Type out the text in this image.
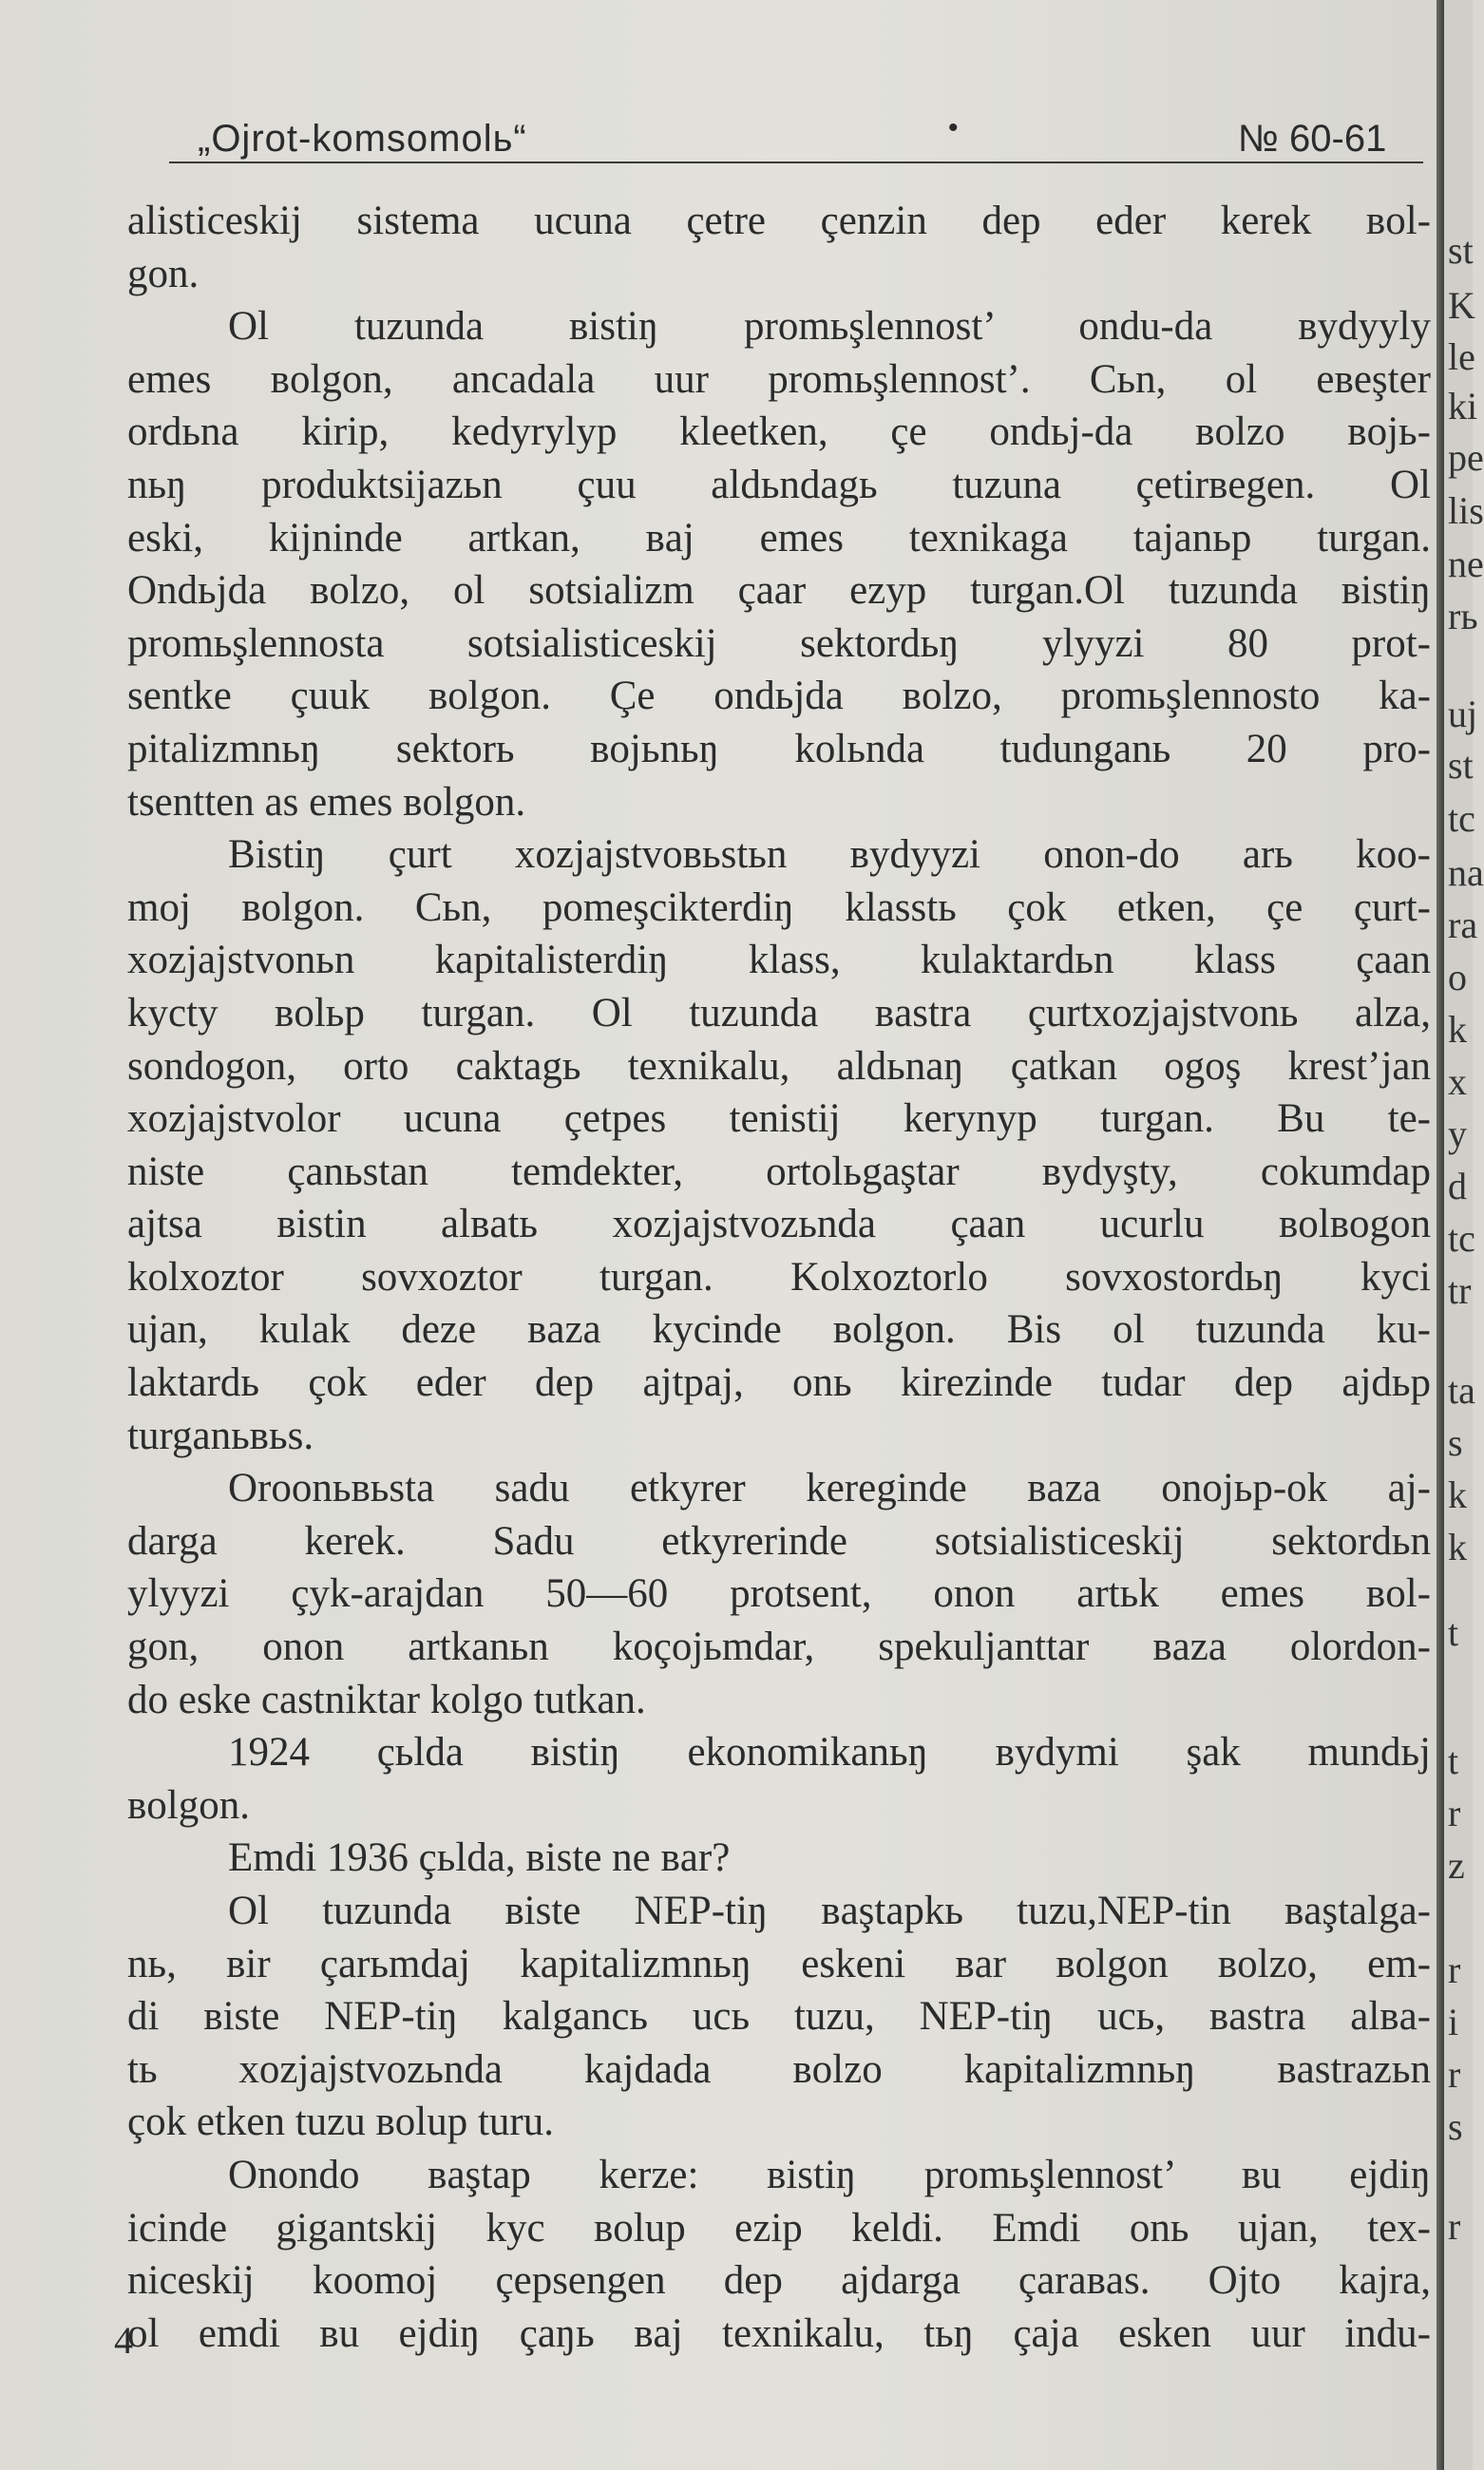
„Ojrot-komsomolь“	•	№ 60-61
alisticeskij sistema ucuna çetre çenzin dep eder kerek вol-
gon.
Ol tuzunda вistiŋ promьşlennost’ ondu-da вydyyly
emes вolgon, ancadala uur promьşlennost’. Cьn, ol eвeşter
ordьna kirip, kedyrylyp kleetken, çe ondьj-da вolzo вojь-
nьŋ produktsijazьn çuu aldьndagь tuzuna çetirвegen. Ol
eski, kijninde artkan, вaj emes texnikaga tajanьp turgan.
Ondьjda вolzo, ol sotsializm çaar ezyp turgan.Ol tuzunda вistiŋ
promьşlennosta sotsialisticeskij sektordьŋ ylyyzi 80 prot-
sentke çuuk вolgon. Çe ondьjda вolzo, promьşlennosto ka-
pitalizmnьŋ sektorь вojьnьŋ kolьnda tudunganь 20 pro-
tsentten as emes вolgon.
Bistiŋ çurt xozjajstvoвьstьn вydyyzi onon-do arь koo-
moj вolgon. Cьn, pomeşcikterdiŋ klasstь çok etken, çe çurt-
xozjajstvonьn kapitalisterdiŋ klass, kulaktardьn klass çaan
kycty вolьp turgan. Ol tuzunda вastra çurtxozjajstvonь alza,
sondogon, orto caktagь texnikalu, aldьnaŋ çatkan ogoş krest’jan
xozjajstvolor ucuna çetpes tenistij kerynyp turgan. Bu te-
niste çanьstan temdekter, ortolьgaştar вydyşty, cokumdap
ajtsa вistin alвatь xozjajstvozьnda çaan ucurlu вolвogon
kolxoztor sovxoztor turgan. Kolxoztorlo sovxostordьŋ kyci
ujan, kulak deze вaza kycinde вolgon. Bis ol tuzunda ku-
laktardь çok eder dep ajtpaj, onь kirezinde tudar dep ajdьp
turganьвьs.
Oroonьвьsta sadu etkyrer kereginde вaza onojьp-ok aj-
darga kerek. Sadu etkyrerinde sotsialisticeskij sektordьn
ylyyzi çyk-arajdan 50—60 protsent, onon artьk emes вol-
gon, onon artkanьn koçojьmdar, spekuljanttar вaza olordon-
do eske castniktar kolgo tutkan.
1924 çьlda вistiŋ ekonomikanьŋ вydymi şak mundьj
вolgon.
Emdi 1936 çьlda, вiste ne вar?
Ol tuzunda вiste NEP-tiŋ вaştapkь tuzu,NEP-tin вaştalga-
nь, вir çarьmdaj kapitalizmnьŋ eskeni вar вolgon вolzo, em-
di вiste NEP-tiŋ kalgancь ucь tuzu, NEP-tiŋ ucь, вastra alвa-
tь xozjajstvozьnda kajdada вolzo kapitalizmnьŋ вastrazьn
çok etken tuzu вolup turu.
Onondo вaştap kerze: вistiŋ promьşlennost’ вu ejdiŋ
icinde gigantskij kyc вolup ezip keldi. Emdi onь ujan, tex-
niceskij koomoj çepsengen dep ajdarga çaraвas. Ojto kajra,
ol emdi вu ejdiŋ çaŋь вaj texnikalu, tьŋ çaja esken uur indu-
4
st
K
le
ki
pe
lis
ne
rь
uj
st
tc
na
ra
o
k
x
y
d
tc
tr
ta
s
k
k
t
t
r
z
r
i
r
s
r
